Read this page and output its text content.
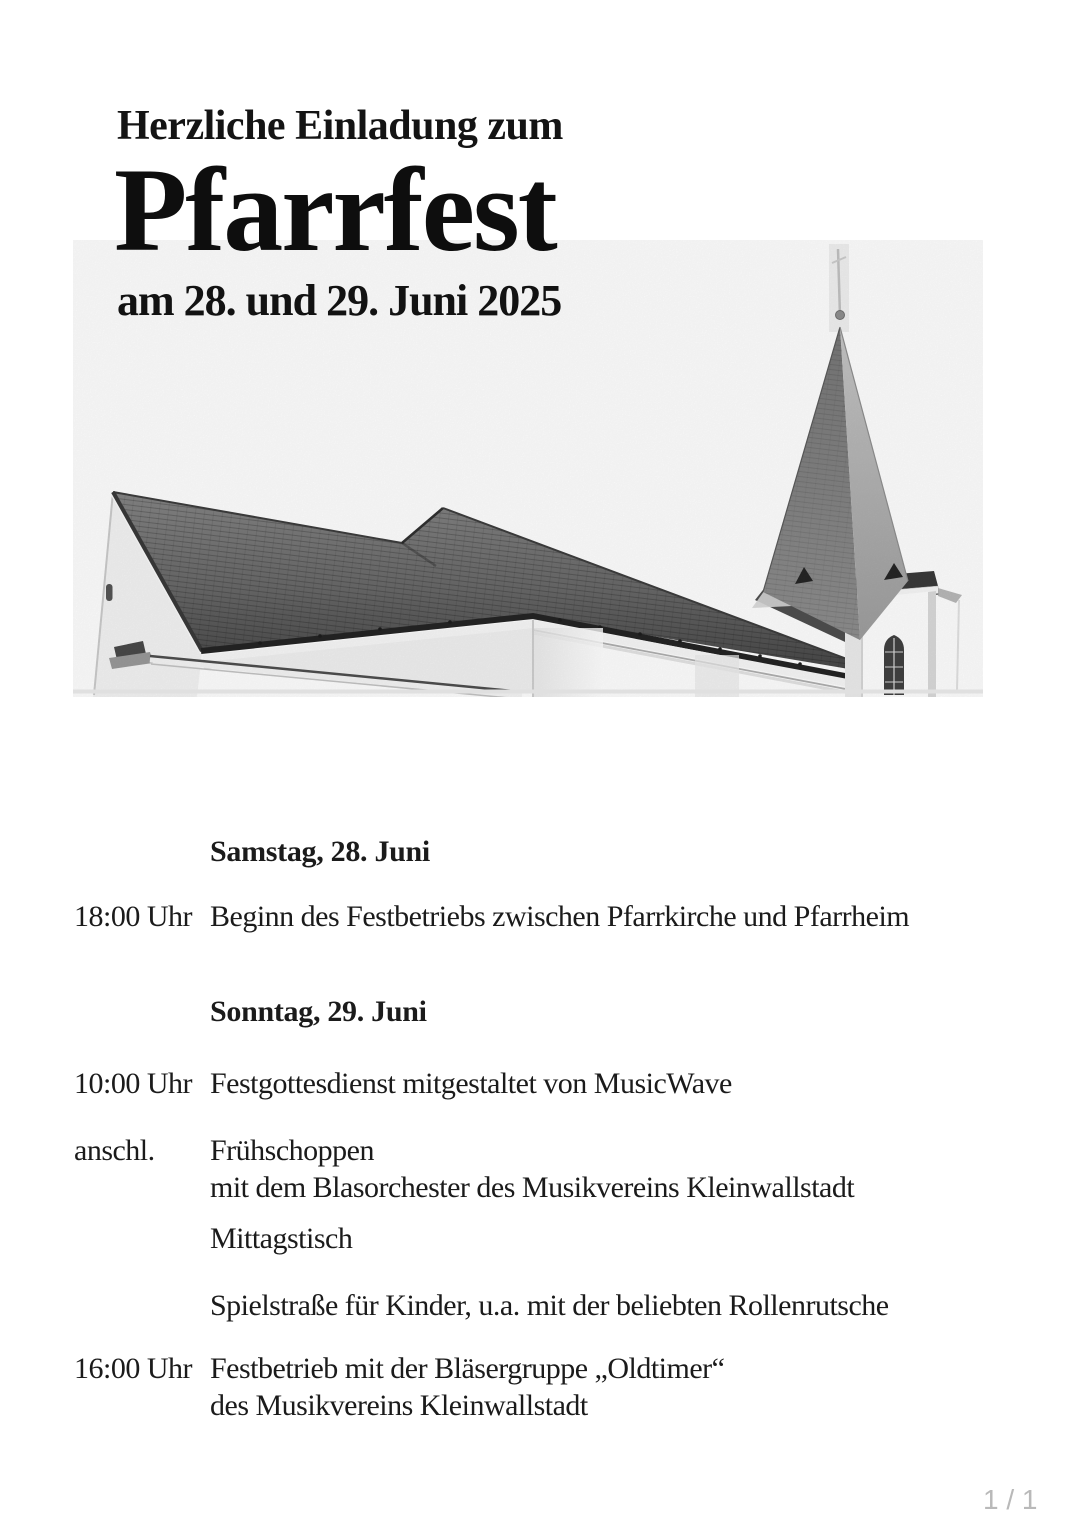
Herzliche Einladung zum
Pfarrfest
am 28. und 29. Juni 2025
Samstag, 28. Juni
18:00 Uhr Beginn des Festbetriebs zwischen Pfarrkirche und Pfarrheim
Sonntag, 29. Juni
10:00 Uhr Festgottesdienst mitgestaltet von MusicWave
anschl. Frühschoppen
mit dem Blasorchester des Musikvereins Kleinwallstadt
Mittagstisch
Spielstraße für Kinder, u.a. mit der beliebten Rollenrutsche
16:00 Uhr Festbetrieb mit der Bläsergruppe „Oldtimer“
des Musikvereins Kleinwallstadt
1 / 1
